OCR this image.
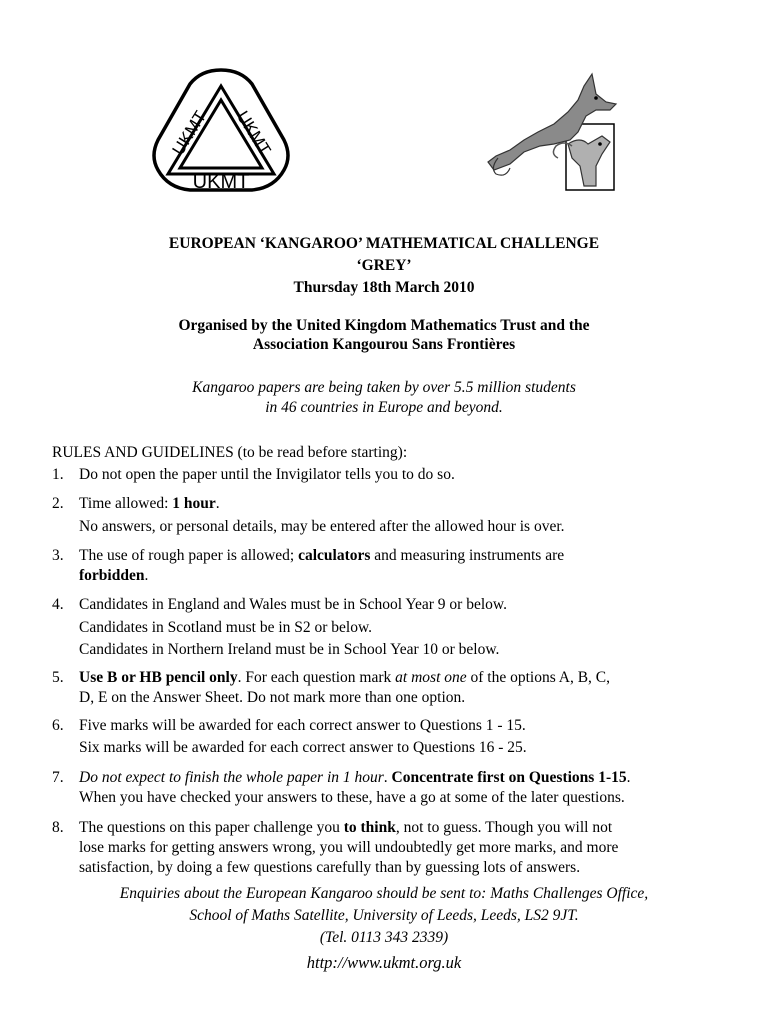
UKMT UKMT
UKMT
EUROPEAN ‘KANGAROO’ MATHEMATICAL CHALLENGE
‘GREY’
Thursday 18th March 2010
Organised by the United Kingdom Mathematics Trust and the
Association Kangourou Sans Frontières
Kangaroo papers are being taken by over 5.5 million students
in 46 countries in Europe and beyond.
RULES AND GUIDELINES (to be read before starting):
1. Do not open the paper until the Invigilator tells you to do so.
2. Time allowed: 1 hour.
No answers, or personal details, may be entered after the allowed hour is over.
3. The use of rough paper is allowed; calculators and measuring instruments are
forbidden.
4. Candidates in England and Wales must be in School Year 9 or below.
Candidates in Scotland must be in S2 or below.
Candidates in Northern Ireland must be in School Year 10 or below.
5. Use B or HB pencil only. For each question mark at most one of the options A, B, C,
D, E on the Answer Sheet. Do not mark more than one option.
6. Five marks will be awarded for each correct answer to Questions 1 - 15.
Six marks will be awarded for each correct answer to Questions 16 - 25.
7. Do not expect to finish the whole paper in 1 hour. Concentrate first on Questions 1-15.
When you have checked your answers to these, have a go at some of the later questions.
8. The questions on this paper challenge you to think, not to guess. Though you will not
lose marks for getting answers wrong, you will undoubtedly get more marks, and more
satisfaction, by doing a few questions carefully than by guessing lots of answers.
Enquiries about the European Kangaroo should be sent to: Maths Challenges Office,
School of Maths Satellite, University of Leeds, Leeds, LS2 9JT.
(Tel. 0113 343 2339)
http://www.ukmt.org.uk
